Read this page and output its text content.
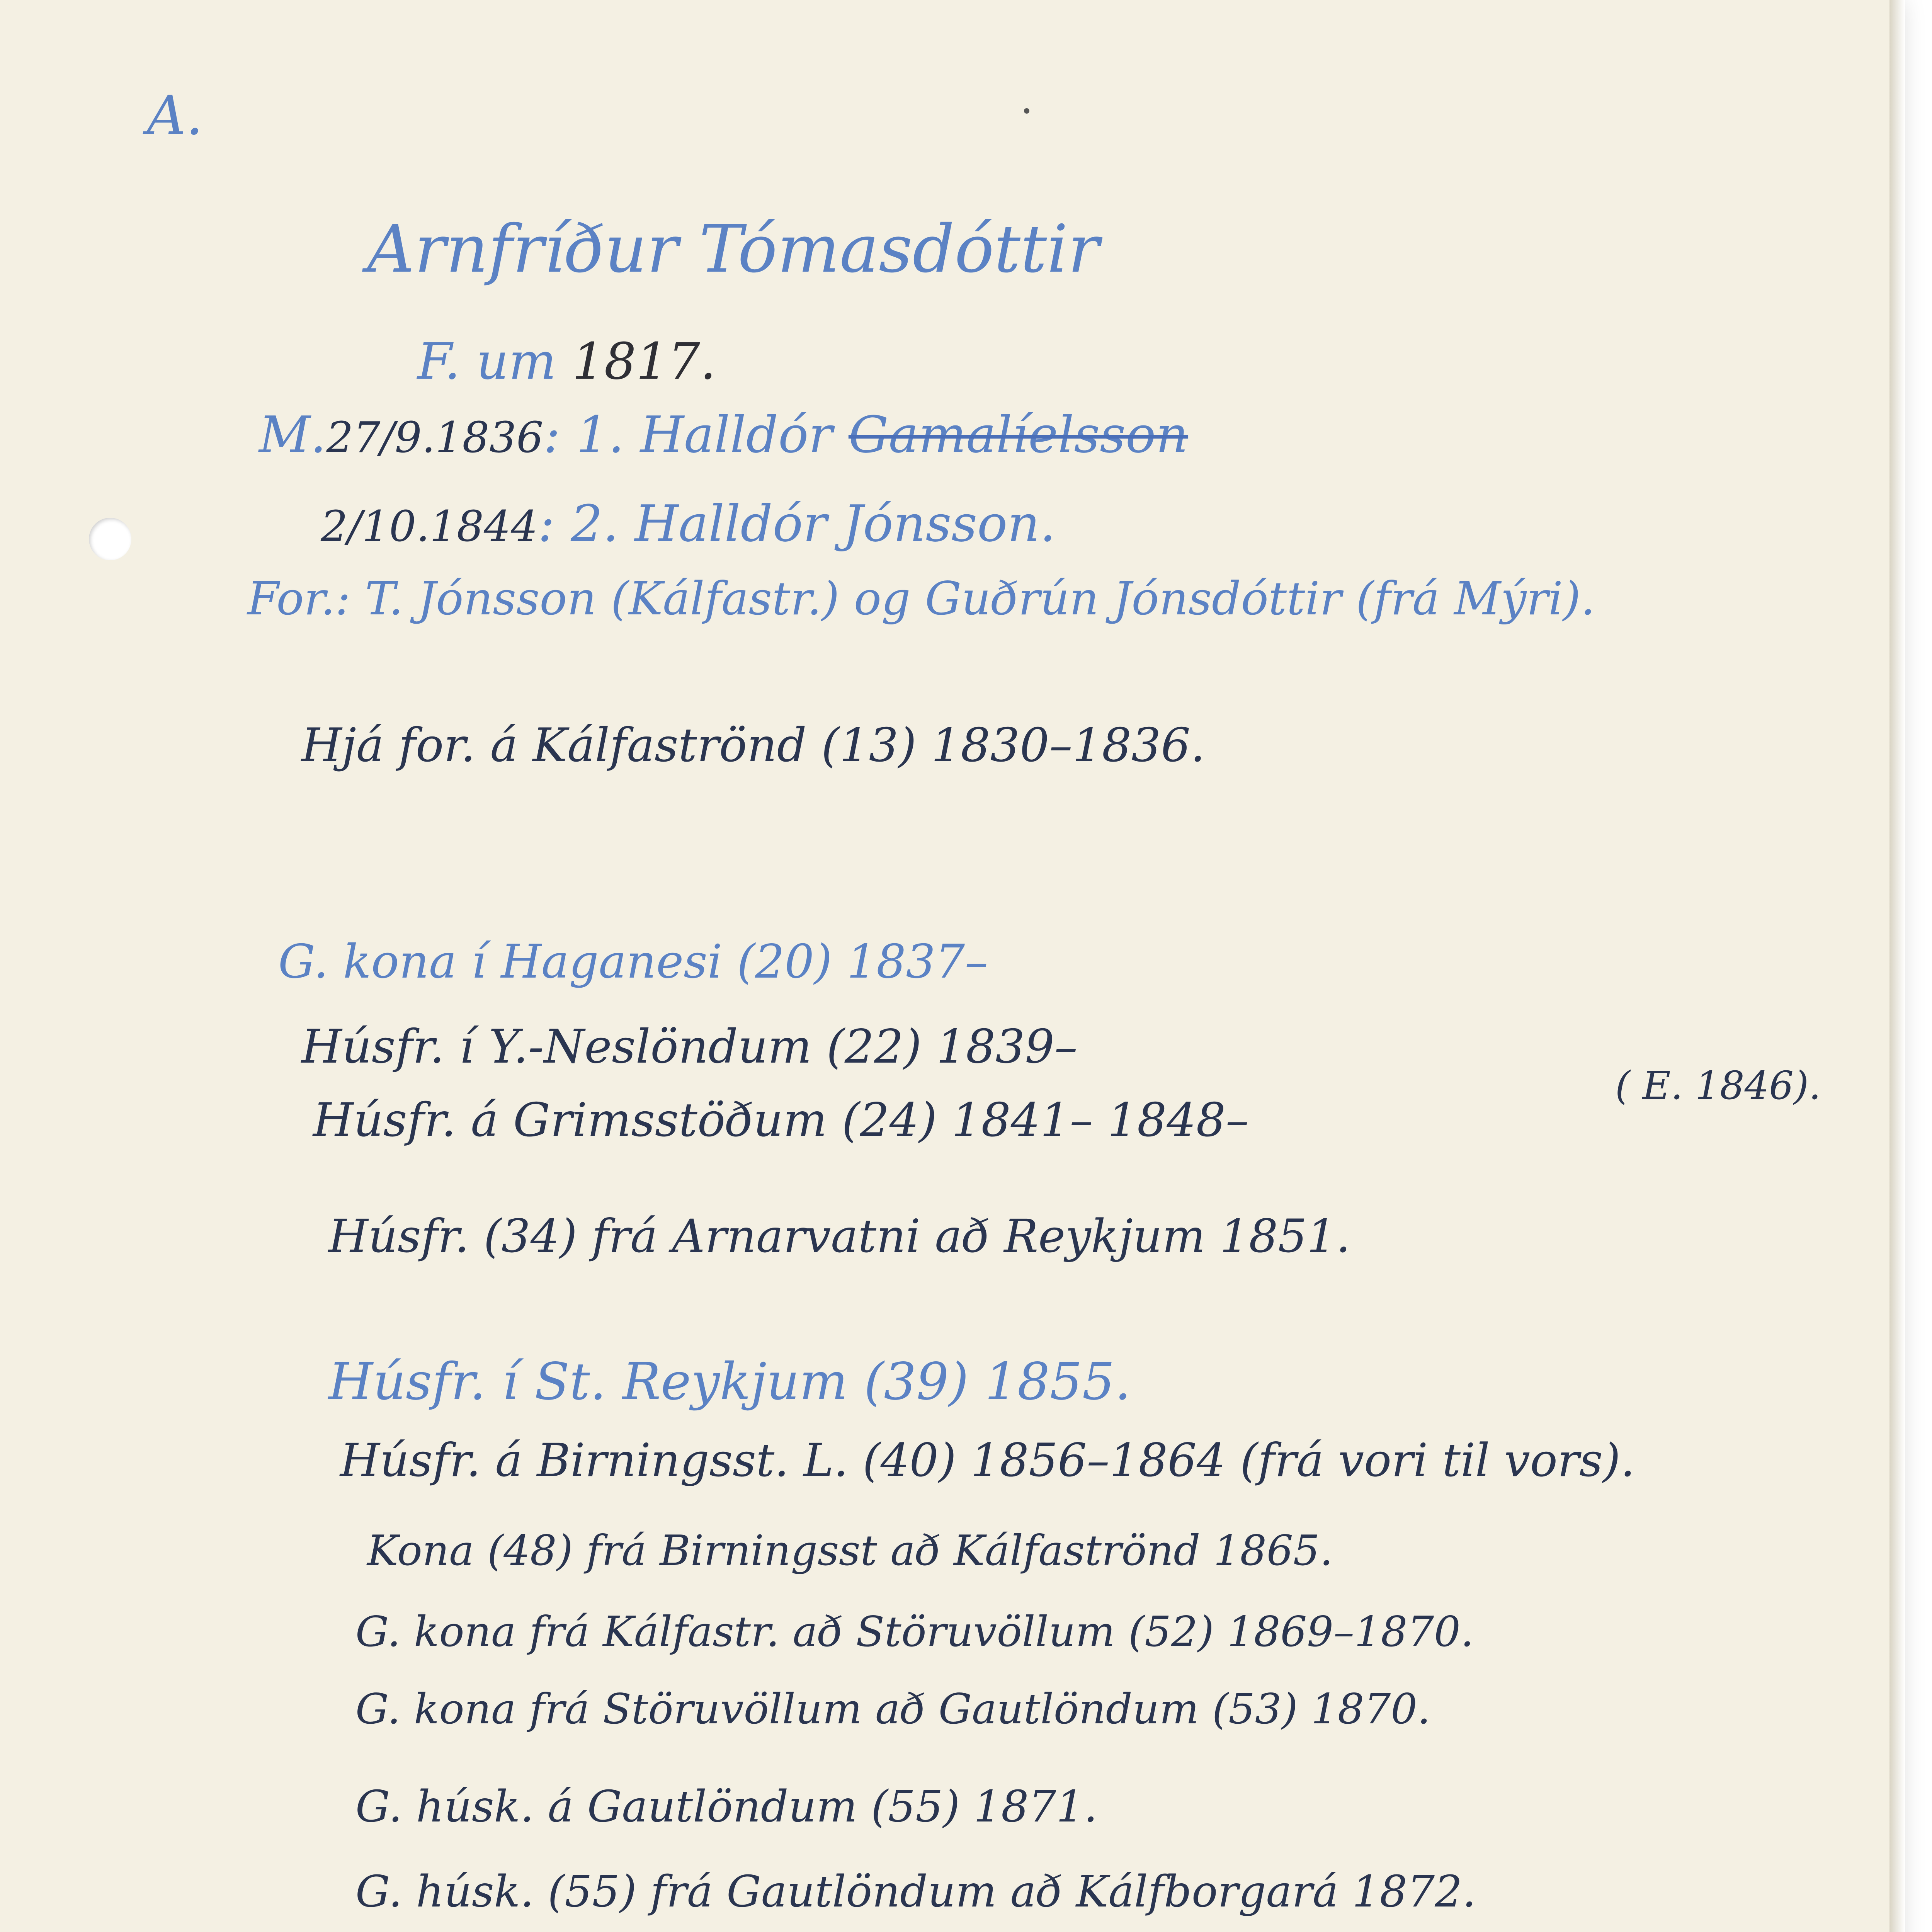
A.

Arnfríður Tómasdóttir

F. um 1817.

M.27/9.1836: 1. Halldór Gamalíelsson

2/10.1844: 2. Halldór Jónsson.

For.: T. Jónsson (Kálfastr.) og Guðrún Jónsdóttir (frá Mýri).

Hjá for. á Kálfaströnd (13) 1830–1836.

G. kona í Haganesi (20) 1837–

Húsfr. í Y.-Neslöndum (22) 1839–

Húsfr. á Grimsstöðum (24) 1841– 1848–

( E. 1846).

Húsfr. (34) frá Arnarvatni að Reykjum 1851.

Húsfr. í St. Reykjum (39) 1855.

Húsfr. á Birningsst. L. (40) 1856–1864 (frá vori til vors).

Kona (48) frá Birningsst að Kálfaströnd 1865.

G. kona frá Kálfastr. að Störuvöllum (52) 1869–1870.

G. kona frá Störuvöllum að Gautlöndum (53) 1870.

G. húsk. á Gautlöndum (55) 1871.

G. húsk. (55) frá Gautlöndum að Kálfborgará 1872.
